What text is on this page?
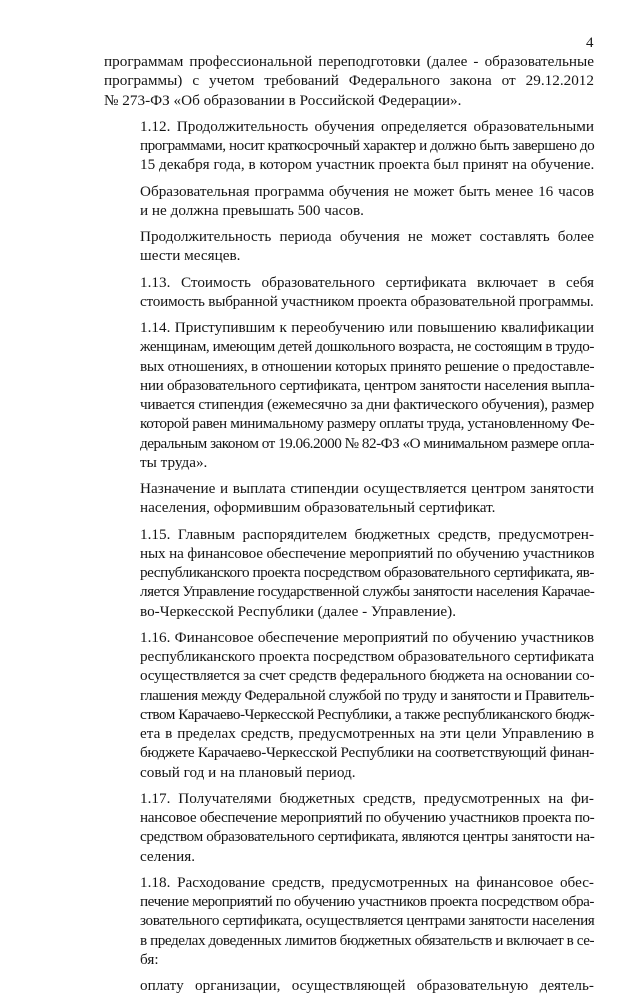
4

программам профессиональной переподготовки (далее - образовательные
программы) с учетом требований Федерального закона от 29.12.2012
№ 273-ФЗ «Об образовании в Российской Федерации».

1.12. Продолжительность обучения определяется образовательными
программами, носит краткосрочный характер и должно быть завершено до
15 декабря года, в котором участник проекта был принят на обучение.

Образовательная программа обучения не может быть менее 16 часов
и не должна превышать 500 часов.

Продолжительность периода обучения не может составлять более
шести месяцев.

1.13. Стоимость образовательного сертификата включает в себя
стоимость выбранной участником проекта образовательной программы.

1.14. Приступившим к переобучению или повышению квалификации
женщинам, имеющим детей дошкольного возраста, не состоящим в трудо-
вых отношениях, в отношении которых принято решение о предоставле-
нии образовательного сертификата, центром занятости населения выпла-
чивается стипендия (ежемесячно за дни фактического обучения), размер
которой равен минимальному размеру оплаты труда, установленному Фе-
деральным законом от 19.06.2000 № 82-ФЗ «О минимальном размере опла-
ты труда».

Назначение и выплата стипендии осуществляется центром занятости
населения, оформившим образовательный сертификат.

1.15. Главным распорядителем бюджетных средств, предусмотрен-
ных на финансовое обеспечение мероприятий по обучению участников
республиканского проекта посредством образовательного сертификата, яв-
ляется Управление государственной службы занятости населения Карачае-
во-Черкесской Республики (далее - Управление).

1.16. Финансовое обеспечение мероприятий по обучению участников
республиканского проекта посредством образовательного сертификата
осуществляется за счет средств федерального бюджета на основании со-
глашения между Федеральной службой по труду и занятости и Правитель-
ством Карачаево-Черкесской Республики, а также республиканского бюдж-
ета в пределах средств, предусмотренных на эти цели Управлению в
бюджете Карачаево-Черкесской Республики на соответствующий финан-
совый год и на плановый период.

1.17. Получателями бюджетных средств, предусмотренных на фи-
нансовое обеспечение мероприятий по обучению участников проекта по-
средством образовательного сертификата, являются центры занятости на-
селения.

1.18. Расходование средств, предусмотренных на финансовое обес-
печение мероприятий по обучению участников проекта посредством обра-
зовательного сертификата, осуществляется центрами занятости населения
в пределах доведенных лимитов бюджетных обязательств и включает в се-
бя:

оплату организации, осуществляющей образовательную деятель-
